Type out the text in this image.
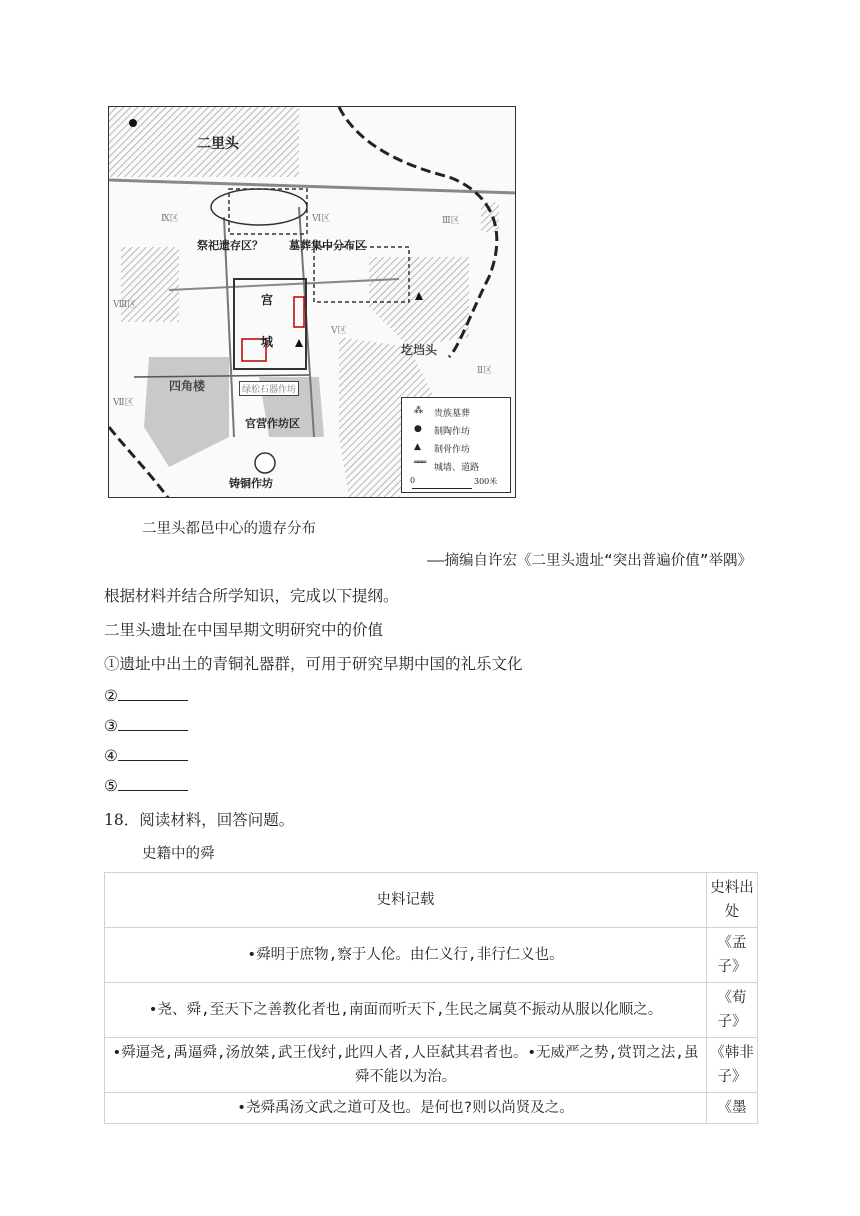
二里头
宫
城
四角楼
圪垱头
祭祀遗存区？ 墓葬集中分布区
官营作坊区
铸铜作坊
绿松石器作坊
Ⅸ区	Ⅵ区	Ⅲ区
Ⅷ区
Ⅴ区
Ⅱ区
Ⅶ区
⁂ 贵族墓葬
● 制陶作坊
▲ 制骨作坊
═══ 城墙、道路
0	300米
二里头都邑中心的遗存分布
——摘编自许宏《二里头遗址“突出普遍价值”举隅》
根据材料并结合所学知识，完成以下提纲。
二里头遗址在中国早期文明研究中的价值
①遗址中出土的青铜礼器群，可用于研究早期中国的礼乐文化
②
③
④
⑤
18．阅读材料，回答问题。
史籍中的舜
史料记载	史料出处
•舜明于庶物,察于人伦。由仁义行,非行仁义也。	《孟子》
•尧、舜,至天下之善教化者也,南面而听天下,生民之属莫不振动从服以化顺之。	《荀子》
•舜逼尧,禹逼舜,汤放桀,武王伐纣,此四人者,人臣弑其君者也。•无威严之势,赏罚之法,虽舜不能以为治。	《韩非子》
•尧舜禹汤文武之道可及也。是何也?则以尚贤及之。	《墨
